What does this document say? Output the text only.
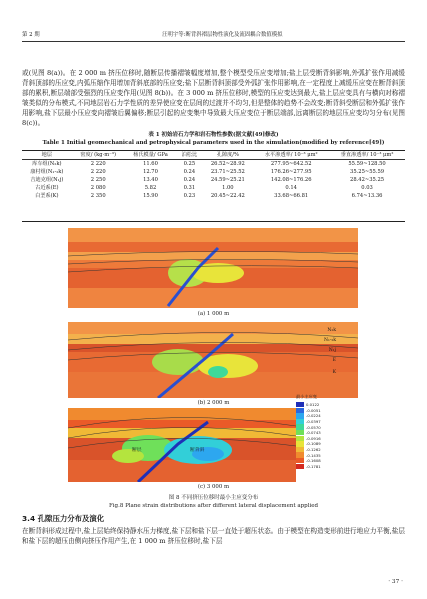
第 2 期	汪明宇等:断背斜褶层物性演化及流固耦合数值模拟

或(见图 8(a))。在 2 000 m 挤压位移时,随断层传播褶皱幅度增加,整个模型受压应变增加;盐上层受断背斜影响,外弧扩张作用减缓背斜顶部的压应变,内弧压缩作用增加背斜底部的压应变;盐下层断背斜顶部受外弧扩张作用影响,在一定程度上减缓压应变在断背斜顶部的累积,断层端部受强烈的压应变作用(见图 8(b))。在 3 000 m 挤压位移时,模型的压应变达到最大,盐上层应变具有与横向对称褶皱类似的分布模式,不同地层岩石力学性质的差异使应变在层间的过渡并不均匀,但是整体的趋势不会改变;断背斜受断层和外弧扩张作用影响,盐下层最小压应变向褶皱后翼偏移;断层引起的应变集中导致最大压应变位于断层端部,远离断层的地层压应变均匀分布(见图 8(c))。

表 1 初始岩石力学和岩石物性参数(据文献[49]修改)
Table 1 Initial geomechanical and petrophysical parameters used in the simulation(modified by reference[49])
地层	密度/ (kg·m⁻³)	杨氏模量/ GPa	泊松比	孔隙度/%	水平渗透率/ 10⁻³ μm²	垂直渗透率/ 10⁻³ μm²
库车组(N₂k)	2 220	11.60	0.25	26.52~28.92	277.95~642.52	55.59~128.50
康村组(N₁-₂k)	2 220	12.70	0.24	23.71~25.52	176.26~277.95	35.25~55.59
吉迪克组(N₁j)	2 250	13.40	0.24	24.59~25.21	142.08~176.26	28.42~35.25
古近系(E)	2 080	5.82	0.31	1.00	0.14	0.03
白垩系(K)	2 350	15.90	0.23	20.45~22.42	33.68~66.81	6.74~13.36
(a) 1 000 m
N₂k
N₁-₂k
N₁j
E
K
(b) 2 000 m
断层	断背斜
最小主应变
0.0122
-0.0051
-0.0224
-0.0397
-0.0570
-0.0743
-0.0916
-0.1089
-0.1262
-0.1435
-0.1608
-0.1781
(c) 3 000 m
图 8 不同挤压位移时最小主应变分布
Fig.8 Plane strain distributions after different lateral displacement applied
3.4 孔隙压力分布及演化

在断背斜形成过程中,盐上层始终保持静水压力梯度,盐下层和盐下层一直处于超压状态。由于模型在构造变形前进行地应力平衡,盐层和盐下层的超压由侧向挤压作用产生,在 1 000 m 挤压位移时,盐下层

· 37 ·
